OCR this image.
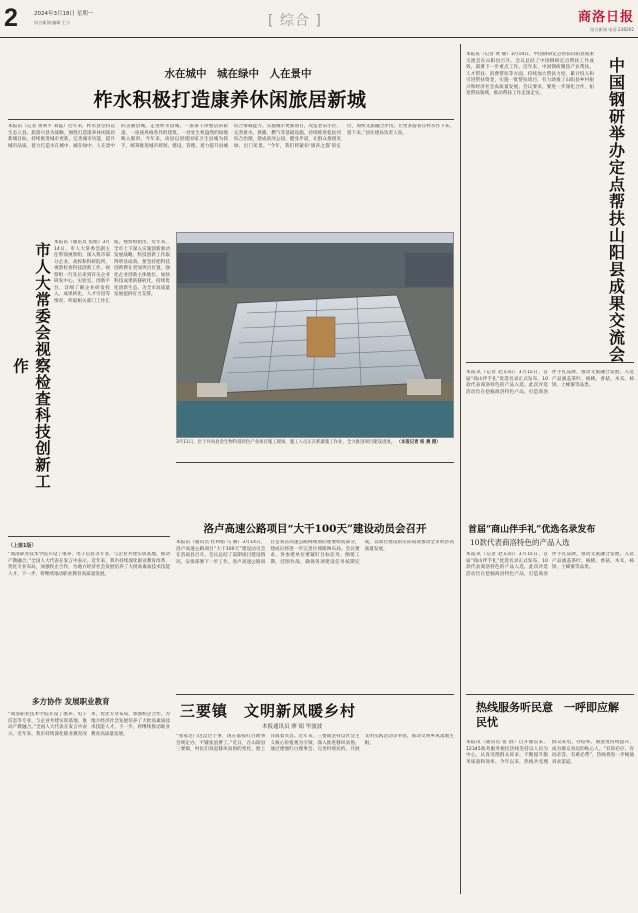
2	2024年3月18日 星期一
综合新闻·编辑 王小	[ 综合 ]	商洛日报
综合新闻 电话:238292
水在城中　城在绿中　人在景中
柞水积极打造康养休闲旅居新城
本报讯（记者 黄利平 刘磊）近年来，柞水县坚持以生态立县、旅游兴县为战略，围绕打造康养休闲旅居新城目标，持续推进城市更新，完善城市功能，提升城市品质，着力打造水在城中、城在绿中、人在景中的美丽县城。走进柞水县城，一条条干净整洁的街道、一座座风格各异的建筑、一处处生机盎然的绿地映入眼帘。今年来，该县以创建国家卫生县城为抓手，统筹推进城市规划、建设、管理，着力提升县城综合承载能力。实施城市更新项目，改造老旧小区，完善排水、供暖、燃气等基础设施，持续推进乾佑河综合治理，建成滨河公园、健身步道，让群众推窗见绿、出门见景。“今年，我们将紧扣‘康养之都’的定位，加快文旅融合步伐，让更多游客在柞水住下来、留下来。”县住建局负责人说。
市人大常委会视察检查科技创新工作
本报讯（通讯员 焦娟）3月14日，市人大常委会副主任带领视察组，深入我市部分企业、高校和科研院所，视察检查科技创新工作。视察组一行先后来到有关企业研发中心、实验室、创新平台，详细了解企业研发投入、成果转化、人才引进等情况，听取相关部门工作汇报。视察组指出，近年来，全市上下深入实施创新驱动发展战略，科技创新工作取得明显成效。要坚持把科技创新摆在更加突出位置，强化企业创新主体地位，加快科技成果转移转化，持续优化创新生态，为全市高质量发展提供有力支撑。
3月11日，位于丹凤县金生物科技特色产业项目施工现场，施工人员正在抓紧施工作业，全力推进项目建设进度。 （本报记者 杨 晨 摄）
本报讯（记者 黄 丽）3月14日，中国钢研定点帮扶山阳县成果交流会在山阳县召开。会议总结了中国钢研定点帮扶工作成效，部署下一步重点工作。近年来，中国钢研聚焦产业帮扶、人才帮扶、消费帮扶等方面，持续加大帮扶力度，累计投入和引进帮扶资金，实施一批帮扶项目，有力助推了山阳县乡村振兴和经济社会高质量发展。会议要求，要进一步深化合作，拓宽帮扶领域，推动帮扶工作走深走实。	中国钢研举办定点帮扶山阳县成果交流会
首届“商山伴手礼”优选名录发布
10款代表商洛特色的产品入选
本报讯（记者 赵东阳）3月15日，首届“商山伴手礼”优选名录正式发布，10款代表商洛特色的产品入选。此次评选活动旨在挖掘商洛特色产品，打造商洛伴手礼品牌，推动文旅融合发展。入选产品涵盖茶叶、核桃、香菇、木耳、柿饼、土蜂蜜等品类。
本报讯（记者 赵东阳）3月15日，首届“商山伴手礼”优选名录正式发布，10款代表商洛特色的产品入选。此次评选活动旨在挖掘商洛特色产品，打造商洛伴手礼品牌，推动文旅融合发展。入选产品涵盖茶叶、核桃、香菇、木耳、柿饼、土蜂蜜等品类。
洛卢高速公路项目“大干100天”建设动员会召开
本报讯（通讯员 杜利娟 马 腾）3月14日，洛卢高速公路项目“大干100天”建设动员会在洛南县召开。会议总结了前期项目建设情况，安排部署下一步工作。洛卢高速公路项目是我省高速公路网规划的重要组成部分，建成后将进一步完善区域路网布局。会议要求，各参建单位要紧盯目标任务，倒排工期，挂图作战，确保各项建设任务按期完成，以项目建设的实际成效推动全市经济高质量发展。
（上接1版）
“商洛职业技术学院开设了康养、电子信息等专业，与企业共建实训基地，推动产教融合。”全国人大代表在发言中表示。近年来，我市持续深化职业教育改革，优化专业布局，加强校企合作，为地方经济社会发展培养了大批高素质技术技能人才。下一步，将继续推动职业教育高质量发展。
多方协作 发展职业教育
“商洛职业技术学院开设了康养、电子信息等专业，与企业共建实训基地，推动产教融合。”全国人大代表在发言中表示。近年来，我市持续深化职业教育改革，优化专业布局，加强校企合作，为地方经济社会发展培养了大批高素质技术技能人才。下一步，将继续推动职业教育高质量发展。
三要镇　文明新风暖乡村
本报通讯员 廖 娟 毕波波
“我家过门这边过个事，现在都按红白理事会规定办，不铺张浪费了。”近日，在山阳县三要镇，村民们说起移风易俗的变化，脸上洋溢着笑容。近年来，三要镇坚持以社会主义核心价值观为引领，深入推进移风易俗，通过建强红白理事会、完善村规民约、开展文明实践活动等举措，推动文明乡风落地生根。
热线服务听民意　一呼即应解民忧
本报讯（通讯员 张 群）自开通以来，12345政务服务便民热线坚持以人民为中心，认真受理群众诉求，不断提升服务质量和效率。今年以来，热线共受理群众来电，办结率、满意度持续提升，成为群众身边的贴心人。“有诉必应、有问必答、有难必帮”，热线将进一步畅通诉求渠道。
